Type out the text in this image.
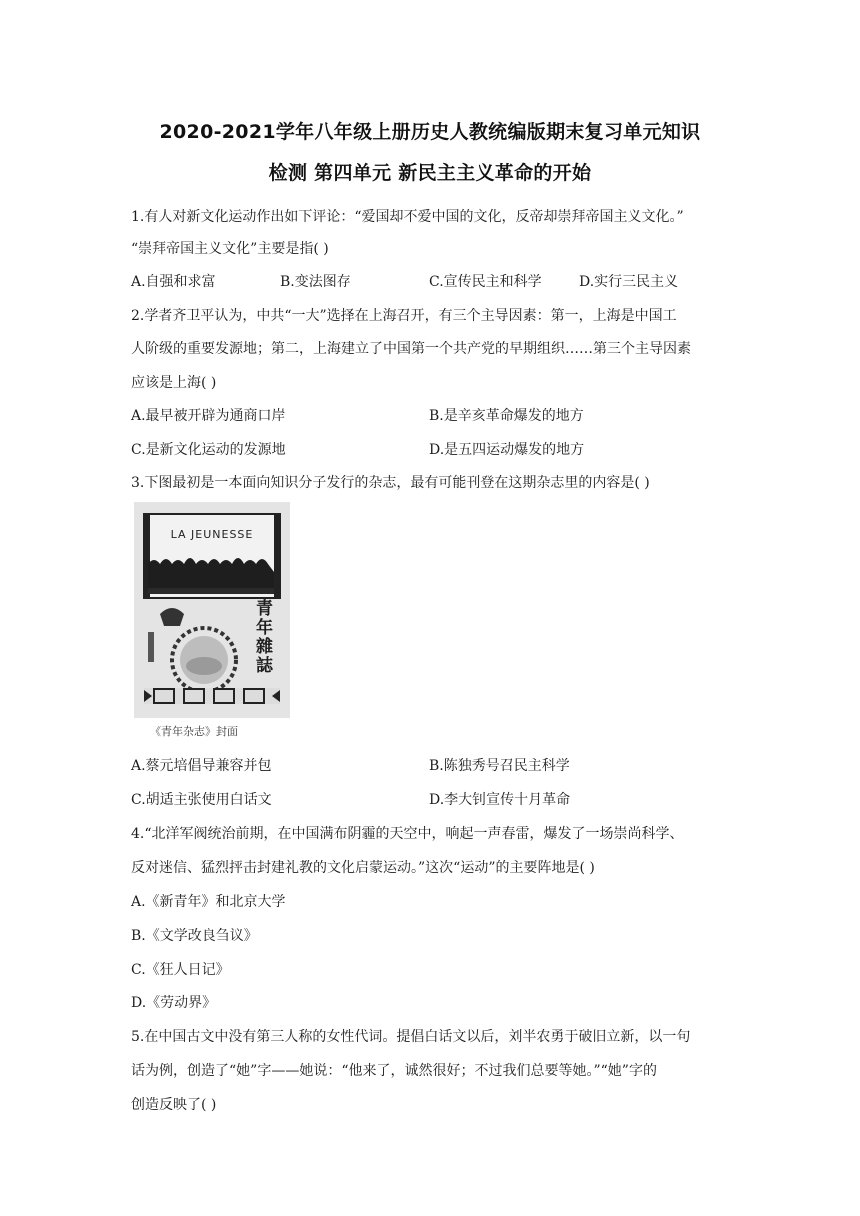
2020-2021学年八年级上册历史人教统编版期末复习单元知识
检测 第四单元 新民主主义革命的开始
1.有人对新文化运动作出如下评论：“爱国却不爱中国的文化，反帝却崇拜帝国主义文化。”
“崇拜帝国主义文化”主要是指( )
A.自强和求富	B.变法图存	C.宣传民主和科学	D.实行三民主义
2.学者齐卫平认为，中共“一大”选择在上海召开，有三个主导因素：第一，上海是中国工
人阶级的重要发源地；第二，上海建立了中国第一个共产党的早期组织……第三个主导因素
应该是上海( )
A.最早被开辟为通商口岸	B.是辛亥革命爆发的地方
C.是新文化运动的发源地	D.是五四运动爆发的地方
3.下图最初是一本面向知识分子发行的杂志，最有可能刊登在这期杂志里的内容是( )
LA JEUNESSE
青年雜誌
《青年杂志》封面
A.蔡元培倡导兼容并包	B.陈独秀号召民主科学
C.胡适主张使用白话文	D.李大钊宣传十月革命
4.“北洋军阀统治前期，在中国满布阴霾的天空中，响起一声春雷，爆发了一场崇尚科学、
反对迷信、猛烈抨击封建礼教的文化启蒙运动。”这次“运动”的主要阵地是( )
A.《新青年》和北京大学
B.《文学改良刍议》
C.《狂人日记》
D.《劳动界》
5.在中国古文中没有第三人称的女性代词。提倡白话文以后，刘半农勇于破旧立新，以一句
话为例，创造了“她”字——她说：“他来了，诚然很好；不过我们总要等她。”“她”字的
创造反映了( )
